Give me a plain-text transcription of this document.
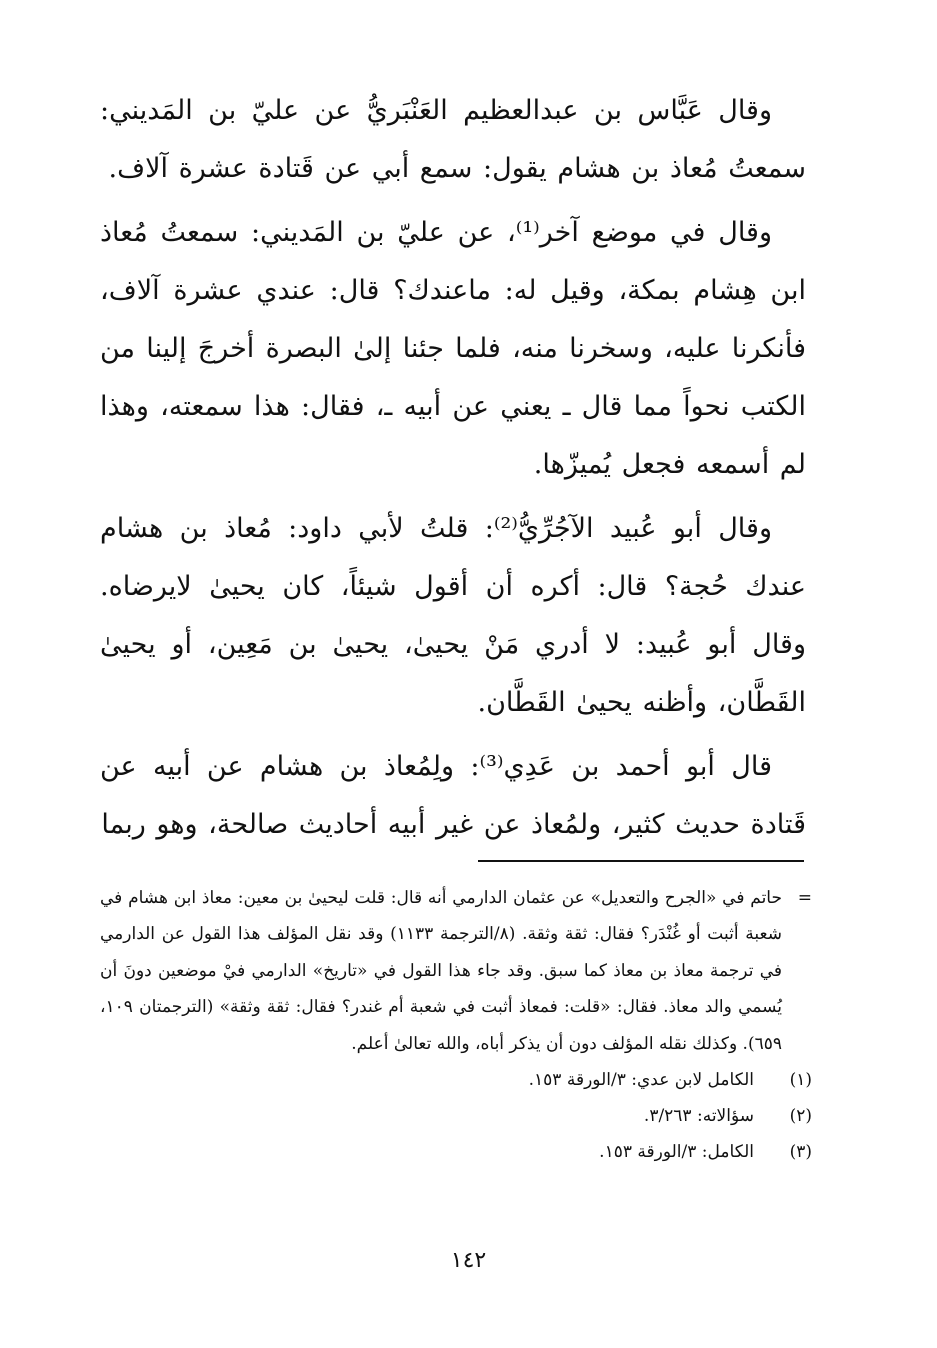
وقال عَبَّاس بن عبدالعظيم العَنْبَريُّ عن عليّ بن المَديني: سمعتُ مُعاذ بن هشام يقول: سمع أبي عن قَتادة عشرة آلاف.

وقال في موضع آخر⁽¹⁾، عن عليّ بن المَديني: سمعتُ مُعاذ ابن هِشام بمكة، وقيل له: ماعندك؟ قال: عندي عشرة آلاف، فأنكرنا عليه، وسخرنا منه، فلما جئنا إلىٰ البصرة أخرجَ إلينا من الكتب نحواً مما قال ـ يعني عن أبيه ـ، فقال: هذا سمعته، وهذا لم أسمعه فجعل يُميزّها.

وقال أبو عُبيد الآجُرِّيُّ⁽²⁾: قلتُ لأبي داود: مُعاذ بن هشام عندك حُجة؟ قال: أكره أن أقول شيئاً، كان يحيىٰ لايرضاه. وقال أبو عُبيد: لا أدري مَنْ يحيىٰ، يحيىٰ بن مَعِين، أو يحيىٰ القَطَّان، وأظنه يحيىٰ القَطَّان.

قال أبو أحمد بن عَدِي⁽³⁾: ولِمُعاذ بن هشام عن أبيه عن قَتادة حديث كثير، ولمُعاذ عن غير أبيه أحاديث صالحة، وهو ربما

=
حاتم في «الجرح والتعديل» عن عثمان الدارمي أنه قال: قلت ليحيىٰ بن معين: معاذ ابن هشام في شعبة أثبت أو غُنْدَر؟ فقال: ثقة وثقة. (٨/الترجمة ١١٣٣) وقد نقل المؤلف هذا القول عن الدارمي في ترجمة معاذ بن معاذ كما سبق. وقد جاء هذا القول في «تاريخ» الدارمي فيْ موضعين دونَ أن يُسمي والد معاذ. فقال: «قلت: فمعاذ أثبت في شعبة أم غندر؟ فقال: ثقة وثقة» (الترجمتان ١٠٩، ٦٥٩). وكذلك نقله المؤلف دون أن يذكر أباه، والله تعالىٰ أعلم.
(١)
الكامل لابن عدي: ٣/الورقة ١٥٣.
(٢)
سؤالاته: ٣/٢٦٣.
(٣)
الكامل: ٣/الورقة ١٥٣.
١٤٢
